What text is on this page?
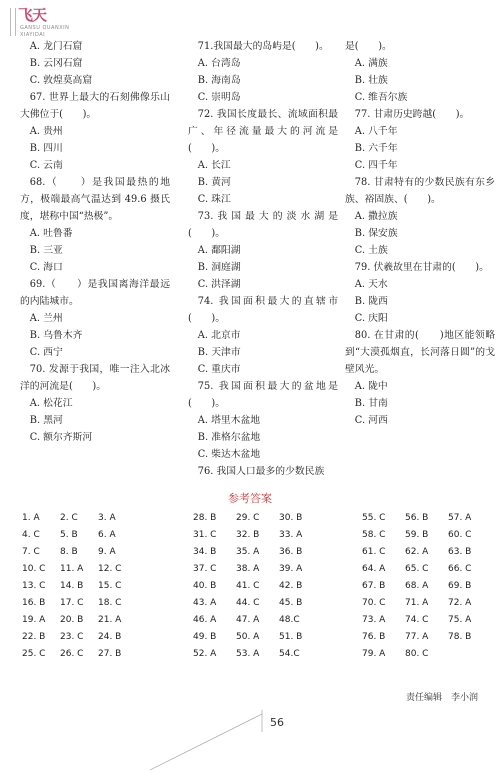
飞天
GANSU QUANXIN
XIAYIDAI
A. 龙门石窟
B. 云冈石窟
C. 敦煌莫高窟
67. 世界上最大的石刻佛像乐山大佛位于(　　)。
A. 贵州
B. 四川
C. 云南
68.（　　）是我国最热的地方，极端最高气温达到 49.6 摄氏度，堪称中国“热极”。
A. 吐鲁番
B. 三亚
C. 海口
69.（　　）是我国离海洋最远的内陆城市。
A. 兰州
B. 乌鲁木齐
C. 西宁
70. 发源于我国，唯一注入北冰洋的河流是(　　)。
A. 松花江
B. 黑河
C. 额尔齐斯河
71.我国最大的岛屿是(　　)。
A. 台湾岛
B. 海南岛
C. 崇明岛
72. 我国长度最长、流域面积最广、年径流量最大的河流是(　　)。
A. 长江
B. 黄河
C. 珠江
73.我国最大的淡水湖是(　　)。
A. 鄱阳湖
B. 洞庭湖
C. 洪泽湖
74. 我国面积最大的直辖市(　　)。
A. 北京市
B. 天津市
C. 重庆市
75. 我国面积最大的盆地是(　　)。
A. 塔里木盆地
B. 准格尔盆地
C. 柴达木盆地
76. 我国人口最多的少数民族
是(　　)。
A. 满族
B. 壮族
C. 维吾尔族
77. 甘肃历史跨越(　　)。
A. 八千年
B. 六千年
C. 四千年
78. 甘肃特有的少数民族有东乡族、裕固族、(　　)。
A. 撒拉族
B. 保安族
C. 土族
79. 伏羲故里在甘肃的(　　)。
A. 天水
B. 陇西
C. 庆阳
80. 在甘肃的(　　)地区能领略到“大漠孤烟直，长河落日圆”的戈壁风光。
A. 陇中
B. 甘南
C. 河西
参考答案
1. A 2. C 3. A	28. B 29. C 30. B	55. C 56. B 57. A
4. C 5. B 6. A	31. C 32. B 33. A	58. C 59. B 60. C
7. C 8. B 9. A	34. B 35. A 36. B	61. C 62. A 63. B
10. C 11. A 12. C	37. C 38. A 39. A	64. A 65. C 66. C
13. C 14. B 15. C	40. B 41. C 42. B	67. B 68. A 69. B
16. B 17. C 18. C	43. A 44. C 45. B	70. C 71. A 72. A
19. A 20. B 21. A	46. A 47. A 48.C	73. A 74. C 75. A
22. B 23. C 24. B	49. B 50. A 51. B	76. B 77. A 78. B
25. C 26. C 27. B	52. A 53. A 54.C	79. A 80. C
责任编辑　李小润
56
